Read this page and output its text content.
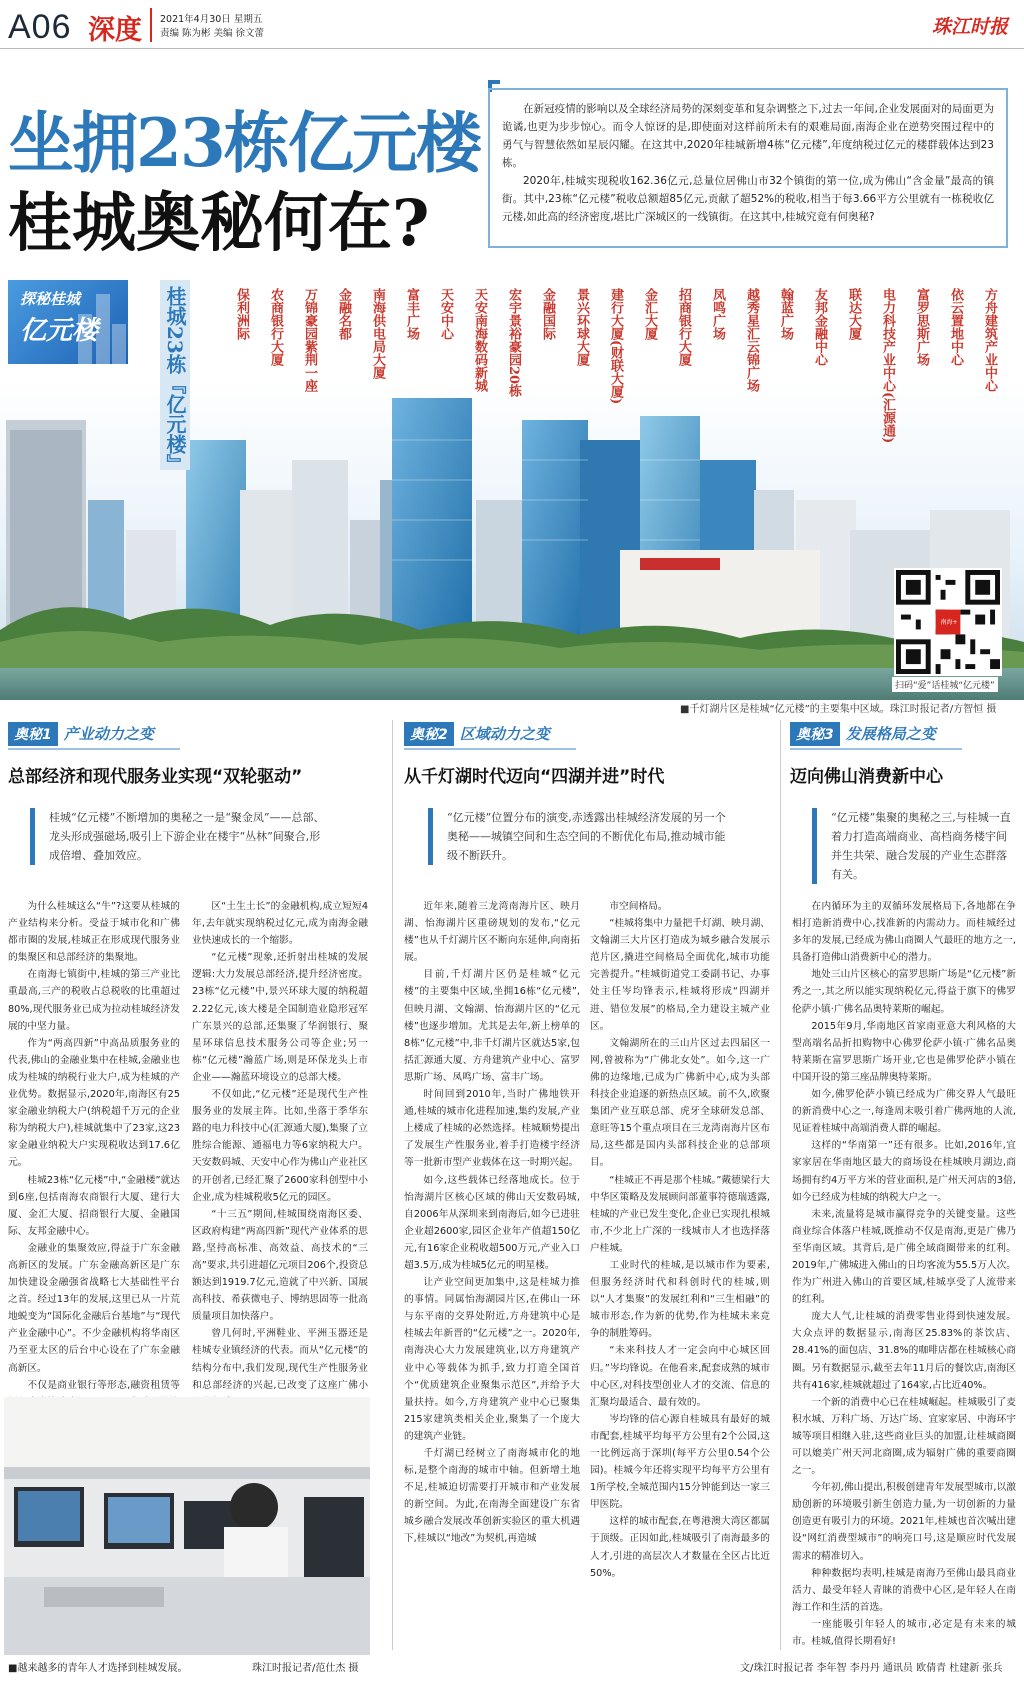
A06 深度 2021年4月30日 星期五
责编 陈为彬 美编 徐文蕾	珠江时报
坐拥23栋亿元楼
桂城奥秘何在?

在新冠疫情的影响以及全球经济局势的深刻变革和复杂调整之下,过去一年间,企业发展面对的局面更为诡谲,也更为步步惊心。而令人惊讶的是,即使面对这样前所未有的艰难局面,南海企业在逆势突围过程中的勇气与智慧依然如星辰闪耀。在这其中,2020年桂城新增4栋“亿元楼”,年度纳税过亿元的楼群载体达到23栋。

2020年,桂城实现税收162.36亿元,总量位居佛山市32个镇街的第一位,成为佛山“含金量”最高的镇街。其中,23栋“亿元楼”税收总额超85亿元,贡献了超52%的税收,相当于每3.66平方公里就有一栋税收亿元楼,如此高的经济密度,堪比广深城区的一线镇街。在这其中,桂城究竟有何奥秘?

探秘桂城
亿元楼	桂城23栋『亿元楼』	方舟建筑产业中心
依云置地中心
富罗思斯广场
电力科技产业中心(汇源通)
联达大厦
友邦金融中心
翰蓝广场
越秀星汇云锦广场
凤鸣广场
招商银行大厦
金汇大厦
建行大厦(财联大厦)
景兴环球大厦
金融国际
宏宇景裕豪园20栋
天安南海数码新城
天安中心
富丰广场
南海供电局大厦
金融名都
万锦豪园紫荆一座
农商银行大厦
保利洲际
南海+
扫码“爱”话桂城“亿元楼”
■千灯湖片区是桂城“亿元楼”的主要集中区域。珠江时报记者/方智恒 摄
奥秘1 产业动力之变
总部经济和现代服务业实现“双轮驱动”
桂城“亿元楼”不断增加的奥秘之一是“聚金凤”——总部、龙头形成强磁场,吸引上下游企业在楼宇“丛林”间聚合,形成倍增、叠加效应。
奥秘2 区域动力之变
从千灯湖时代迈向“四湖并进”时代
“亿元楼”位置分布的演变,赤透露出桂城经济发展的另一个奥秘——城镇空间和生态空间的不断优化布局,推动城市能级不断跃升。
奥秘3 发展格局之变
迈向佛山消费新中心
“亿元楼”集聚的奥秘之三,与桂城一直着力打造高端商业、高档商务楼宇间并生共荣、融合发展的产业生态群落有关。

为什么桂城这么“牛”?这要从桂城的产业结构来分析。受益于城市化和广佛都市圈的发展,桂城正在形成现代服务业的集聚区和总部经济的集聚地。

在南海七镇街中,桂城的第三产业比重最高,三产的税收占总税收的比重超过80%,现代服务业已成为拉动桂城经济发展的中坚力量。

作为“两高四新”中高品质服务业的代表,佛山的金融业集中在桂城,金融业也成为桂城的纳税行业大户,成为桂城的产业优势。数据显示,2020年,南海区有25家金融业纳税大户(纳税超千万元的企业称为纳税大户),桂城就集中了23家,这23家金融业纳税大户实现税收达到17.6亿元。

桂城23栋“亿元楼”中,“金融楼”就达到6座,包括南海农商银行大厦、建行大厦、金汇大厦、招商银行大厦、金融国际、友邦金融中心。

金融业的集聚效应,得益于广东金融高新区的发展。广东金融高新区是广东加快建设金融强省战略七大基础性平台之首。经过13年的发展,这里已从一片荒地蜕变为“国际化金融后台基地”与“现代产业金融中心”。不少金融机构将华南区乃至亚太区的后台中心设在了广东金融高新区。

不仅是商业银行等形态,融资租赁等

区“土生土长”的金融机构,成立短短4年,去年就实现纳税过亿元,成为南海金融业快速成长的一个缩影。

“亿元楼”现象,还折射出桂城的发展逻辑:大力发展总部经济,提升经济密度。23栋“亿元楼”中,景兴环球大厦的纳税超2.22亿元,该大楼是全国制造业隐形冠军广东景兴的总部,还集聚了华润银行、聚星环球信息技术服务公司等企业;另一栋“亿元楼”瀚蓝广场,则是环保龙头上市企业——瀚蓝环境设立的总部大楼。

不仅如此,“亿元楼”还是现代生产性服务业的发展主阵。比如,坐落于季华东路的电力科技中心(汇源通大厦),集聚了立胜综合能源、通福电力等6家纳税大户。天安数码城、天安中心作为佛山产业社区的开创者,已经汇聚了2600家科创型中小企业,成为桂城税收5亿元的园区。

“十三五”期间,桂城围绕南海区委、区政府构建“两高四新”现代产业体系的思路,坚持高标准、高效益、高技术的“三高”要求,共引进超亿元项目206个,投资总额达到1919.7亿元,造就了中兴新、国展高科技、希荻微电子、博纳思固等一批高质量项目加快落户。

曾几何时,平洲鞋业、平洲玉器还是桂城专业镇经济的代表。而从“亿元楼”的结构分布中,我们发现,现代生产性服务业和总部经济的兴起,已改变了这座广佛小

近年来,随着三龙湾南海片区、映月湖、怡海湖片区重磅规划的发布,“亿元楼”也从千灯湖片区不断向东延伸,向南拓展。

目前,千灯湖片区仍是桂城“亿元楼”的主要集中区域,坐拥16栋“亿元楼”,但映月湖、文翰湖、怡海湖片区的“亿元楼”也逐步增加。尤其是去年,新上榜单的8栋“亿元楼”中,非千灯湖片区就达5家,包括汇源通大厦、方舟建筑产业中心、富罗思斯广场、凤鸣广场、富丰广场。

时间回到2010年,当时广佛地铁开通,桂城的城市化进程加速,集约发展,产业上楼成了桂城的必然选择。桂城顺势提出了发展生产性服务业,着手打造楼宇经济等一批新市型产业载体在这一时期兴起。

如今,这些载体已经落地成长。位于怡海湖片区核心区域的佛山天安数码城,自2006年从深圳来到南海后,如今已进驻企业超2600家,园区企业年产值超150亿元,有16家企业税收超500万元,产业入口超3.5万,成为桂城5亿元的明星楼。

让产业空间更加集中,这是桂城力推的事情。同属怡海湖园片区,在佛山一环与东平南的交界处附近,方舟建筑中心是桂城去年新晋的“亿元楼”之一。2020年,南海决心大力发展建筑业,以方舟建筑产业中心等载体为抓手,致力打造全国首个“优质建筑企业聚集示范区”,并给予大量扶持。如今,方舟建筑产业中心已聚集215家建筑类相关企业,聚集了一个庞大的建筑产业链。

千灯湖已经树立了南海城市化的地标,是整个南海的城市中轴。但新增土地不足,桂城迫切需要打开城市和产业发展的新空间。为此,在南海全面建设广东省城乡融合发展改革创新实验区的重大机遇下,桂城以“地改”为契机,再造城

市空间格局。

“桂城将集中力量把千灯湖、映月湖、文翰湖三大片区打造成为城乡融合发展示范片区,撬进空间格局全面优化,城市功能完善提升。”桂城街道党工委副书记、办事处主任岑均锋表示,桂城将形成“四湖并进、错位发展”的格局,全力建设主城产业区。

文翰湖所在的三山片区过去四届区一网,曾被称为“广佛北女处”。如今,这一广佛的边缘地,已成为广佛新中心,成为头部科技企业追逐的新热点区域。前不久,欧聚集团产业互联总部、虎牙全球研发总部、意旺等15个重点项目在三龙湾南海片区布局,这些都是国内头部科技企业的总部项目。

“桂城正不再是那个桂城。”戴德梁行大中华区策略及发展顾问部董事符德瑞透露,桂城的产业已发生变化,企业已实现扎根城市,不少北上广深的一线城市人才也选择落户桂城。

工业时代的桂城,是以城市作为要素,但服务经济时代和科创时代的桂城,则以“人才集聚”的发展红利和“三生相融”的城市形态,作为新的优势,作为桂城未来竞争的制胜筹码。

“未来科技人才一定会向中心城区回归。”岑均锋说。在他看来,配套成熟的城市中心区,对科技型创业人才的交流、信息的汇聚均最适合、最有效的。

岑均锋的信心源自桂城具有最好的城市配套,桂城平均每平方公里有2个公园,这一比例远高于深圳(每平方公里0.54个公园)。桂城今年还将实现平均每平方公里有1所学校,全城范围内15分钟能到达一家三甲医院。

这样的城市配套,在粤港澳大湾区都属于顶级。正因如此,桂城吸引了南海最多的人才,引进的高层次人才数量在全区占比近50%。

在内循环为主的双循环发展格局下,各地都在争相打造新消费中心,找准新的内需动力。而桂城经过多年的发展,已经成为佛山商圈人气最旺的地方之一,具备打造佛山消费新中心的潜力。

地处三山片区核心的富罗思斯广场是“亿元楼”新秀之一,其之所以能实现纳税亿元,得益于旗下的佛罗伦萨小镇·广佛名品奥特莱斯的崛起。

2015年9月,华南地区首家南亚意大利风格的大型高端名品折扣购物中心佛罗伦萨小镇·广佛名品奥特莱斯在富罗思斯广场开业,它也是佛罗伦萨小镇在中国开设的第三座品牌奥特莱斯。

如今,佛罗伦萨小镇已经成为广佛交界人气最旺的新消费中心之一,每逢周末吸引着广佛两地的人流,见证着桂城中高端消费人群的崛起。

这样的“华南第一”还有很多。比如,2016年,宜家家居在华南地区最大的商场设在桂城映月湖边,商场拥有约4万平方米的营业面积,是广州天河店的3倍,如今已经成为桂城的纳税大户之一。

未来,流量将是城市赢得竞争的关键变量。这些商业综合体落户桂城,既推动不仅是南海,更是广佛乃至华南区域。其背后,是广佛全域商圈带来的红利。2019年,广佛城进入佛山的日均客流为55.5万人次。作为广州进入佛山的首要区域,桂城享受了人流带来的红利。

庞大人气,让桂城的消费零售业得到快速发展。大众点评的数据显示,南海区25.83%的茶饮店、28.41%的面包店、31.8%的咖啡店都在桂城核心商圈。另有数据显示,截至去年11月后的餐饮店,南海区共有416家,桂城就超过了164家,占比近40%。

一个新的消费中心已在桂城崛起。桂城吸引了麦积水城、万科广场、万达广场、宜家家居、中海环宇城等项目相继入驻,这些商业巨头的加盟,让桂城商圈可以媲美广州天河北商圈,成为辐射广佛的重要商圈之一。

今年初,佛山提出,积极创建青年发展型城市,以激励创新的环境吸引新生创造力量,为一切创新的力量创造更有吸引力的环境。2021年,桂城也首次喊出建设“网红消费型城市”的响亮口号,这是顺应时代发展需求的精准切入。

种种数据均表明,桂城是南海乃至佛山最具商业活力、最受年轻人青睐的消费中心区,是年轻人在南海工作和生活的首选。

一座能吸引年轻人的城市,必定是有未来的城市。桂城,值得长期看好!

■越来越多的青年人才选择到桂城发展。	珠江时报记者/范仕杰 摄	文/珠江时报记者 李年智 李丹丹 通讯员 欧倩青 杜建新 张兵
